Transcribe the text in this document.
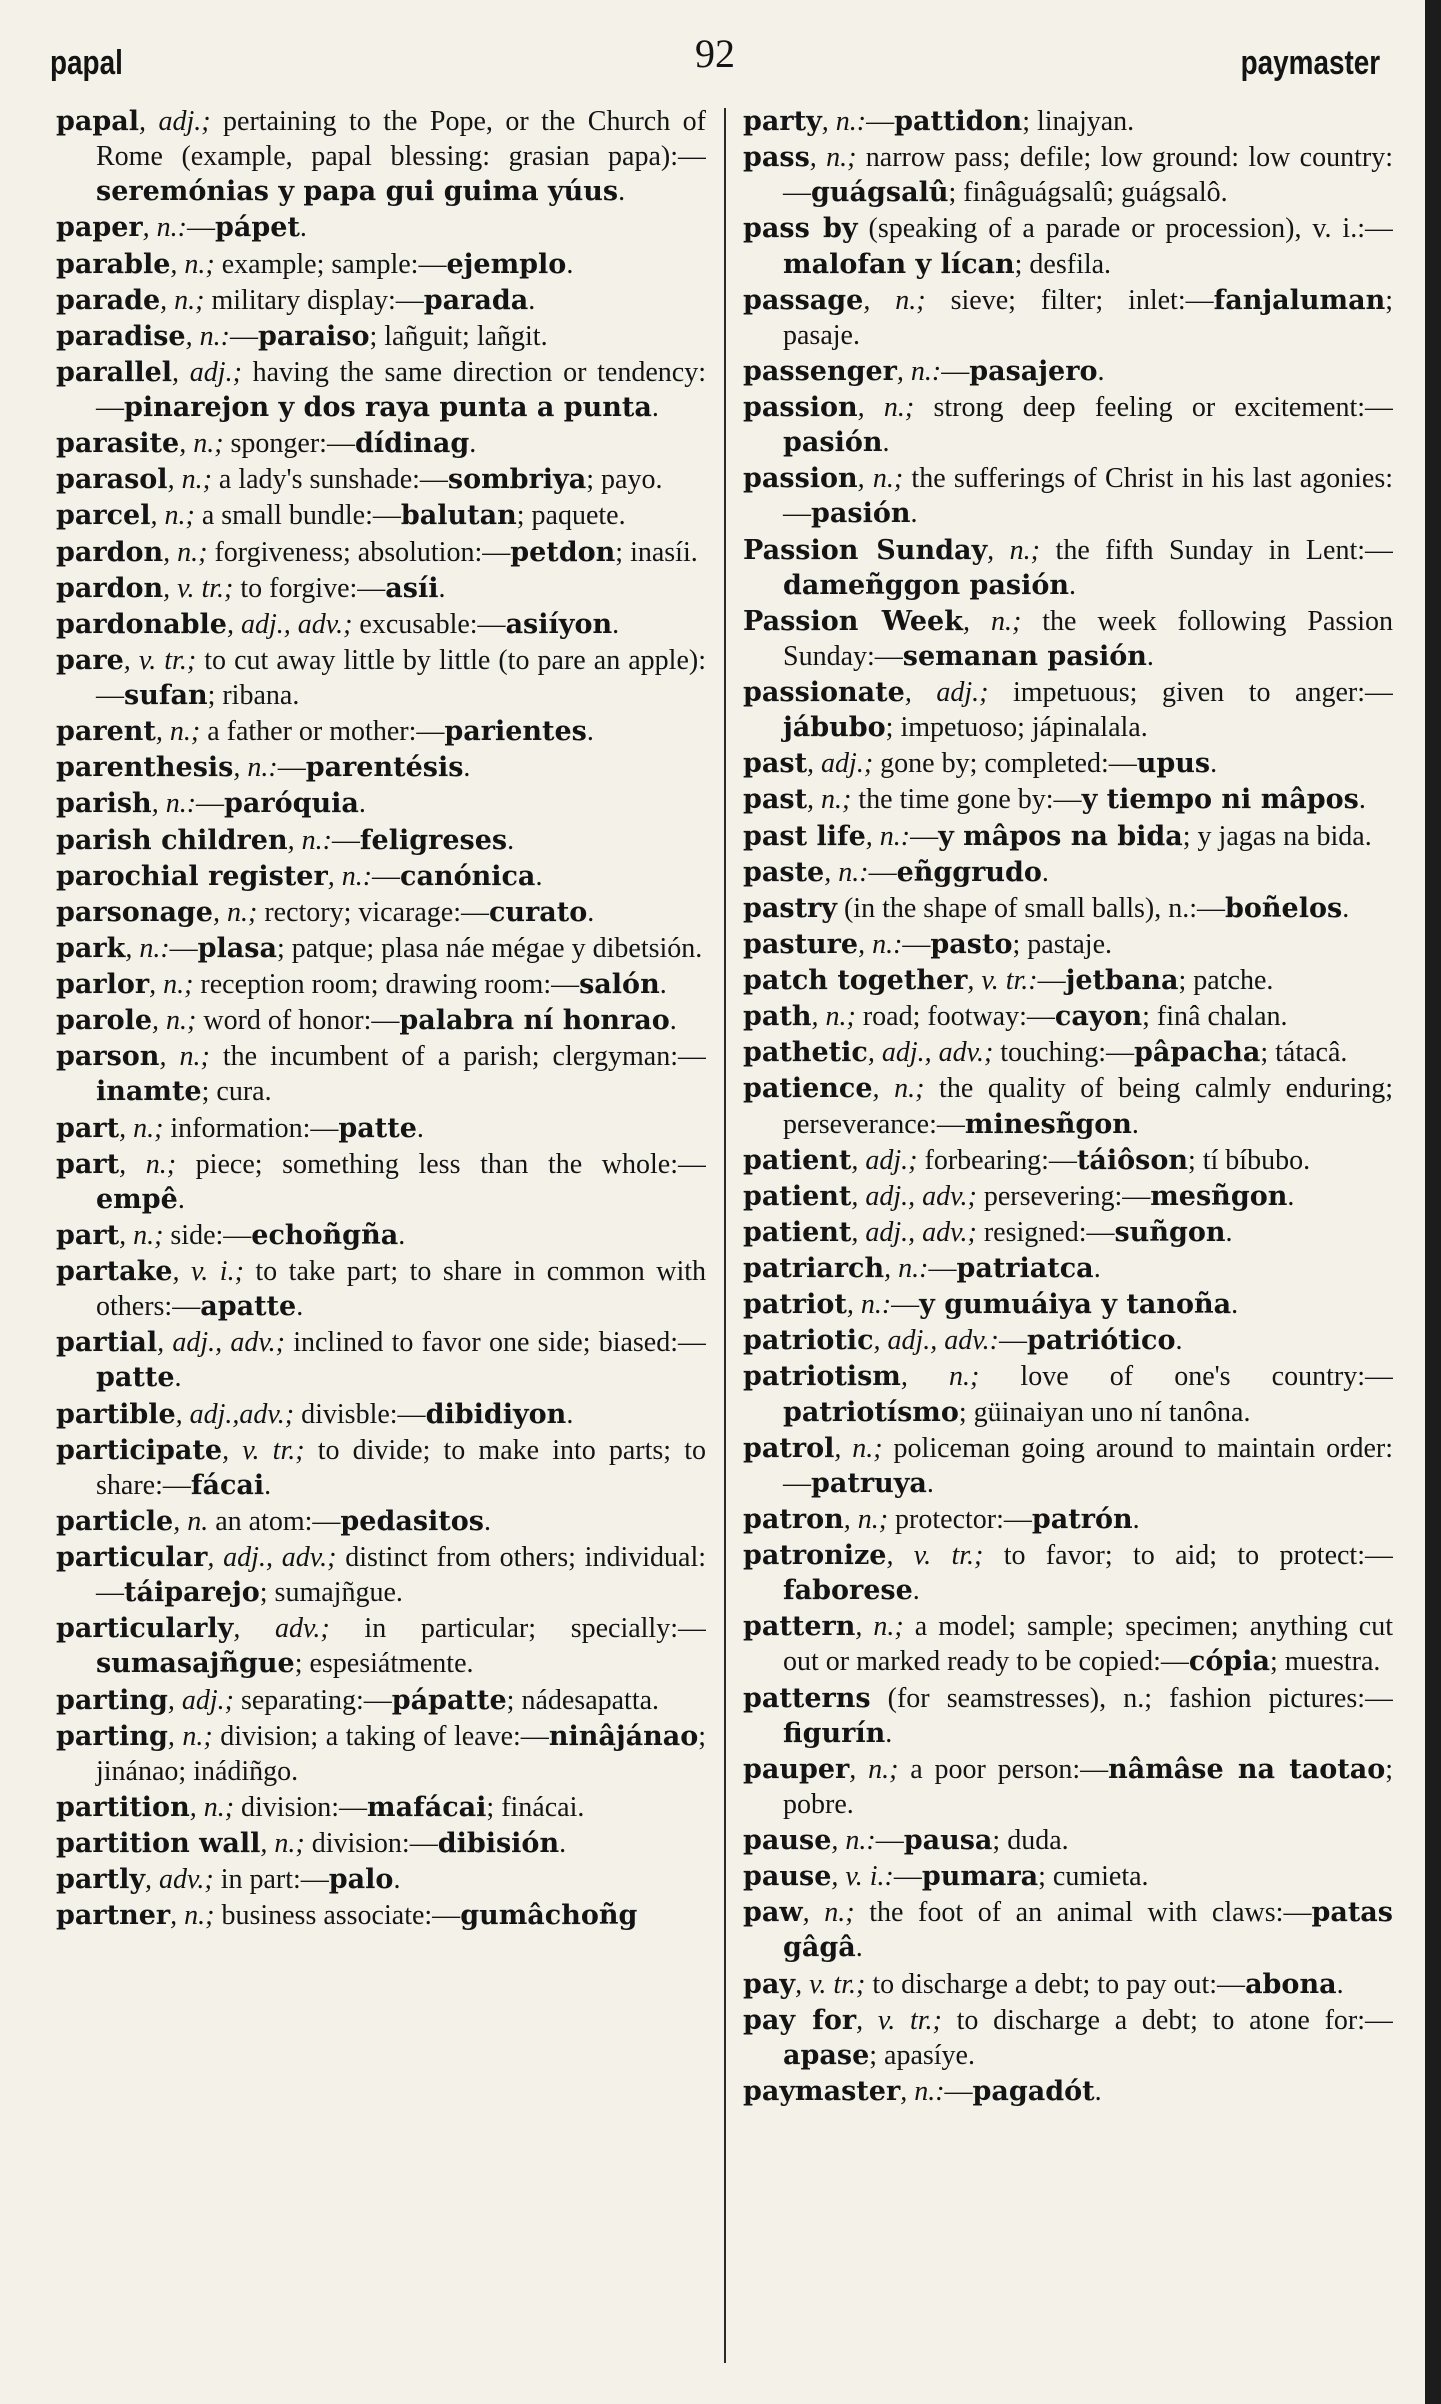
papal	92	paymaster

papal, adj.; pertaining to the Pope, or the Church of Rome (example, papal blessing: grasian papa):—seremónias y papa gui guima yúus.

paper, n.:—pápet.

parable, n.; example; sample:—ejemplo.

parade, n.; military display:—parada.

paradise, n.:—paraiso; lañguit; lañgit.

parallel, adj.; having the same direction or tendency:—pinarejon y dos raya punta a punta.

parasite, n.; sponger:—dídinag.

parasol, n.; a lady's sunshade:—sombriya; payo.

parcel, n.; a small bundle:—balutan; paquete.

pardon, n.; forgiveness; absolution:—petdon; inasíi.

pardon, v. tr.; to forgive:—asíi.

pardonable, adj., adv.; excusable:—asiíyon.

pare, v. tr.; to cut away little by little (to pare an apple):—sufan; ribana.

parent, n.; a father or mother:—parientes.

parenthesis, n.:—parentésis.

parish, n.:—paróquia.

parish children, n.:—feligreses.

parochial register, n.:—canónica.

parsonage, n.; rectory; vicarage:—curato.

park, n.:—plasa; patque; plasa náe mégae y dibetsión.

parlor, n.; reception room; drawing room:—salón.

parole, n.; word of honor:—palabra ní honrao.

parson, n.; the incumbent of a parish; clergyman:—inamte; cura.

part, n.; information:—patte.

part, n.; piece; something less than the whole:—empê.

part, n.; side:—echoñgña.

partake, v. i.; to take part; to share in common with others:—apatte.

partial, adj., adv.; inclined to favor one side; biased:—patte.

partible, adj.,adv.; divisble:—dibidiyon.

participate, v. tr.; to divide; to make into parts; to share:—fácai.

particle, n. an atom:—pedasitos.

particular, adj., adv.; distinct from others; individual:—táiparejo; sumajñgue.

particularly, adv.; in particular; specially:—sumasajñgue; espesiátmente.

parting, adj.; separating:—pápatte; nádesapatta.

parting, n.; division; a taking of leave:—ninâjánao; jinánao; inádiñgo.

partition, n.; division:—mafácai; finácai.

partition wall, n.; division:—dibisión.

partly, adv.; in part:—palo.

partner, n.; business associate:—gumâchoñg

party, n.:—pattidon; linajyan.

pass, n.; narrow pass; defile; low ground: low country:—guágsalû; finâguágsalû; guágsalô.

pass by (speaking of a parade or procession), v. i.:—malofan y lícan; desfila.

passage, n.; sieve; filter; inlet:—fanjaluman; pasaje.

passenger, n.:—pasajero.

passion, n.; strong deep feeling or excitement:—pasión.

passion, n.; the sufferings of Christ in his last agonies:—pasión.

Passion Sunday, n.; the fifth Sunday in Lent:—dameñggon pasión.

Passion Week, n.; the week following Passion Sunday:—semanan pasión.

passionate, adj.; impetuous; given to anger:—jábubo; impetuoso; jápinalala.

past, adj.; gone by; completed:—upus.

past, n.; the time gone by:—y tiempo ni mâpos.

past life, n.:—y mâpos na bida; y jagas na bida.

paste, n.:—eñggrudo.

pastry (in the shape of small balls), n.:—boñelos.

pasture, n.:—pasto; pastaje.

patch together, v. tr.:—jetbana; patche.

path, n.; road; footway:—cayon; finâ chalan.

pathetic, adj., adv.; touching:—pâpacha; tátacâ.

patience, n.; the quality of being calmly enduring; perseverance:—minesñgon.

patient, adj.; forbearing:—táiôson; tí bíbubo.

patient, adj., adv.; persevering:—mesñgon.

patient, adj., adv.; resigned:—suñgon.

patriarch, n.:—patriatca.

patriot, n.:—y gumuáiya y tanoña.

patriotic, adj., adv.:—patriótico.

patriotism, n.; love of one's country:—patriotísmo; güinaiyan uno ní tanôna.

patrol, n.; policeman going around to maintain order:—patruya.

patron, n.; protector:—patrón.

patronize, v. tr.; to favor; to aid; to protect:—faborese.

pattern, n.; a model; sample; specimen; anything cut out or marked ready to be copied:—cópia; muestra.

patterns (for seamstresses), n.; fashion pictures:—figurín.

pauper, n.; a poor person:—nâmâse na taotao; pobre.

pause, n.:—pausa; duda.

pause, v. i.:—pumara; cumieta.

paw, n.; the foot of an animal with claws:—patas gâgâ.

pay, v. tr.; to discharge a debt; to pay out:—abona.

pay for, v. tr.; to discharge a debt; to atone for:—apase; apasíye.

paymaster, n.:—pagadót.
